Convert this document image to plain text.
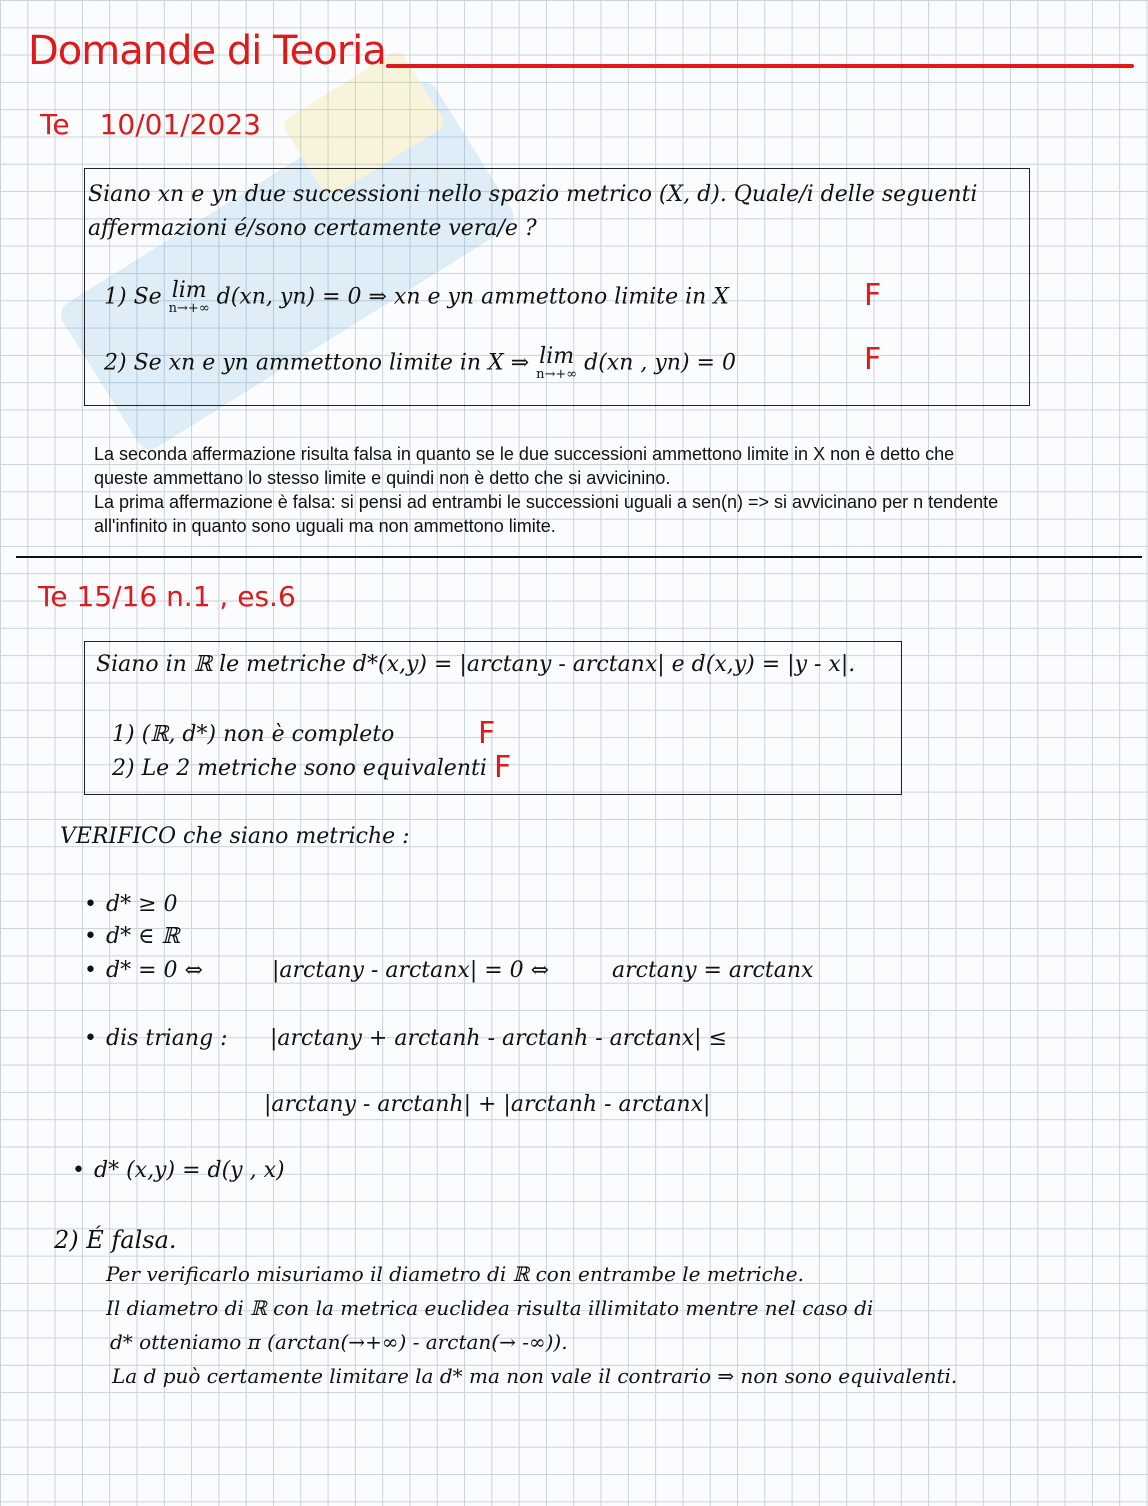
Domande di Teoria
Te 10/01/2023
Siano xn e yn due successioni nello spazio metrico (X, d). Quale/i delle seguenti
affermazioni é/sono certamente vera/e ?
1) Se lim
n→+∞ d(xn, yn) = 0 ⇒ xn e yn ammettono limite in X	F
2) Se xn e yn ammettono limite in X ⇒ lim
n→+∞ d(xn , yn) = 0	F
La seconda affermazione risulta falsa in quanto se le due successioni ammettono limite in X non è detto che
queste ammettano lo stesso limite e quindi non è detto che si avvicinino.
La prima affermazione è falsa: si pensi ad entrambi le successioni uguali a sen(n) => si avvicinano per n tendente
all'infinito in quanto sono uguali ma non ammettono limite.
Te 15/16 n.1 , es.6
Siano in ℝ le metriche d*(x,y) = |arctany - arctanx| e d(x,y) = |y - x|.
1) (ℝ, d*) non è completo	F
2) Le 2 metriche sono equivalenti F
VERIFICO che siano metriche :
• d* ≥ 0
• d* ∈ ℝ
• d* = 0 ⇔	|arctany - arctanx| = 0 ⇔	arctany = arctanx
• dis triang : |arctany + arctanh - arctanh - arctanx| ≤
|arctany - arctanh| + |arctanh - arctanx|
• d* (x,y) = d(y , x)
2) É falsa.
Per verificarlo misuriamo il diametro di ℝ con entrambe le metriche.
Il diametro di ℝ con la metrica euclidea risulta illimitato mentre nel caso di
d* otteniamo π (arctan(→+∞) - arctan(→ -∞)).
La d può certamente limitare la d* ma non vale il contrario ⇒ non sono equivalenti.
